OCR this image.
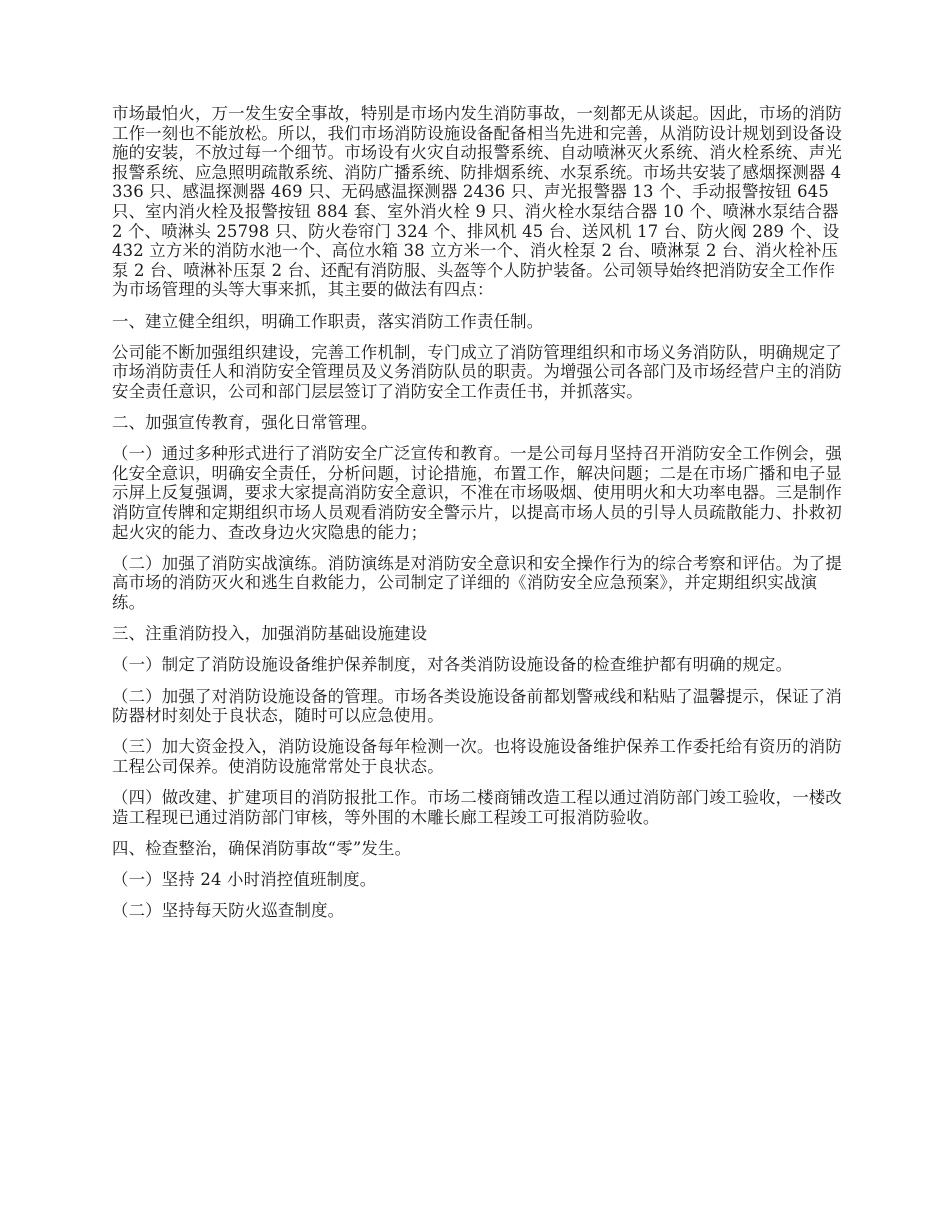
市场最怕火，万一发生安全事故，特别是市场内发生消防事故，一刻都无从谈起。因此，市场的消防工作一刻也不能放松。所以，我们市场消防设施设备配备相当先进和完善，从消防设计规划到设备设施的安装，不放过每一个细节。市场设有火灾自动报警系统、自动喷淋灭火系统、消火栓系统、声光报警系统、应急照明疏散系统、消防广播系统、防排烟系统、水泵系统。市场共安装了感烟探测器 4336 只、感温探测器 469 只、无码感温探测器 2436 只、声光报警器 13 个、手动报警按钮 645 只、室内消火栓及报警按钮 884 套、室外消火栓 9 只、消火栓水泵结合器 10 个、喷淋水泵结合器 2 个、喷淋头 25798 只、防火卷帘门 324 个、排风机 45 台、送风机 17 台、防火阀 289 个、设 432 立方米的消防水池一个、高位水箱 38 立方米一个、消火栓泵 2 台、喷淋泵 2 台、消火栓补压泵 2 台、喷淋补压泵 2 台、还配有消防服、头盔等个人防护装备。公司领导始终把消防安全工作作为市场管理的头等大事来抓，其主要的做法有四点：

一、建立健全组织，明确工作职责，落实消防工作责任制。

公司能不断加强组织建设，完善工作机制，专门成立了消防管理组织和市场义务消防队，明确规定了市场消防责任人和消防安全管理员及义务消防队员的职责。为增强公司各部门及市场经营户主的消防安全责任意识，公司和部门层层签订了消防安全工作责任书，并抓落实。

二、加强宣传教育，强化日常管理。

（一）通过多种形式进行了消防安全广泛宣传和教育。一是公司每月坚持召开消防安全工作例会，强化安全意识，明确安全责任，分析问题，讨论措施，布置工作，解决问题；二是在市场广播和电子显示屏上反复强调，要求大家提高消防安全意识，不准在市场吸烟、使用明火和大功率电器。三是制作消防宣传牌和定期组织市场人员观看消防安全警示片，以提高市场人员的引导人员疏散能力、扑救初起火灾的能力、查改身边火灾隐患的能力；

（二）加强了消防实战演练。消防演练是对消防安全意识和安全操作行为的综合考察和评估。为了提高市场的消防灭火和逃生自救能力，公司制定了详细的《消防安全应急预案》，并定期组织实战演练。

三、注重消防投入，加强消防基础设施建设

（一）制定了消防设施设备维护保养制度，对各类消防设施设备的检查维护都有明确的规定。

（二）加强了对消防设施设备的管理。市场各类设施设备前都划警戒线和粘贴了温馨提示，保证了消防器材时刻处于良状态，随时可以应急使用。

（三）加大资金投入，消防设施设备每年检测一次。也将设施设备维护保养工作委托给有资历的消防工程公司保养。使消防设施常常处于良状态。

（四）做改建、扩建项目的消防报批工作。市场二楼商铺改造工程以通过消防部门竣工验收，一楼改造工程现已通过消防部门审核，等外围的木雕长廊工程竣工可报消防验收。

四、检查整治，确保消防事故“零”发生。

（一）坚持 24 小时消控值班制度。

（二）坚持每天防火巡查制度。
